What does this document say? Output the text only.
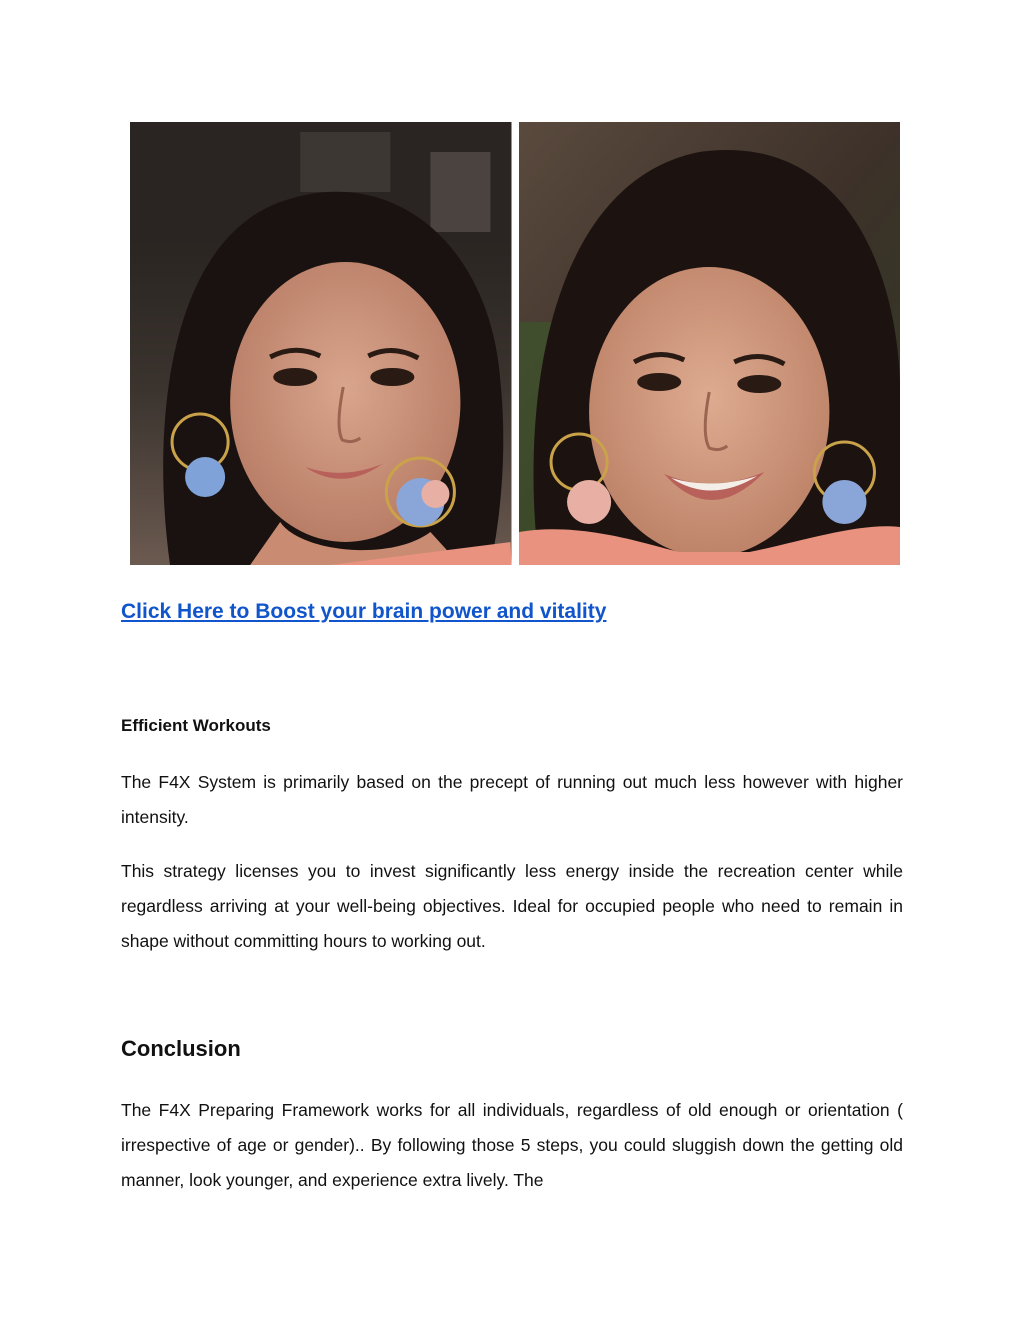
Click Here to Boost your brain power and vitality
Efficient Workouts

The F4X System is primarily based on the precept of running out much less however with higher intensity.

This strategy licenses you to invest significantly less energy inside the recreation center while regardless arriving at your well-being objectives. Ideal for occupied people who need to remain in shape without committing hours to working out.

Conclusion

The F4X Preparing Framework works for all individuals, regardless of old enough or orientation ( irrespective of age or gender).. By following those 5 steps, you could sluggish down the getting old manner, look younger, and experience extra lively. The
